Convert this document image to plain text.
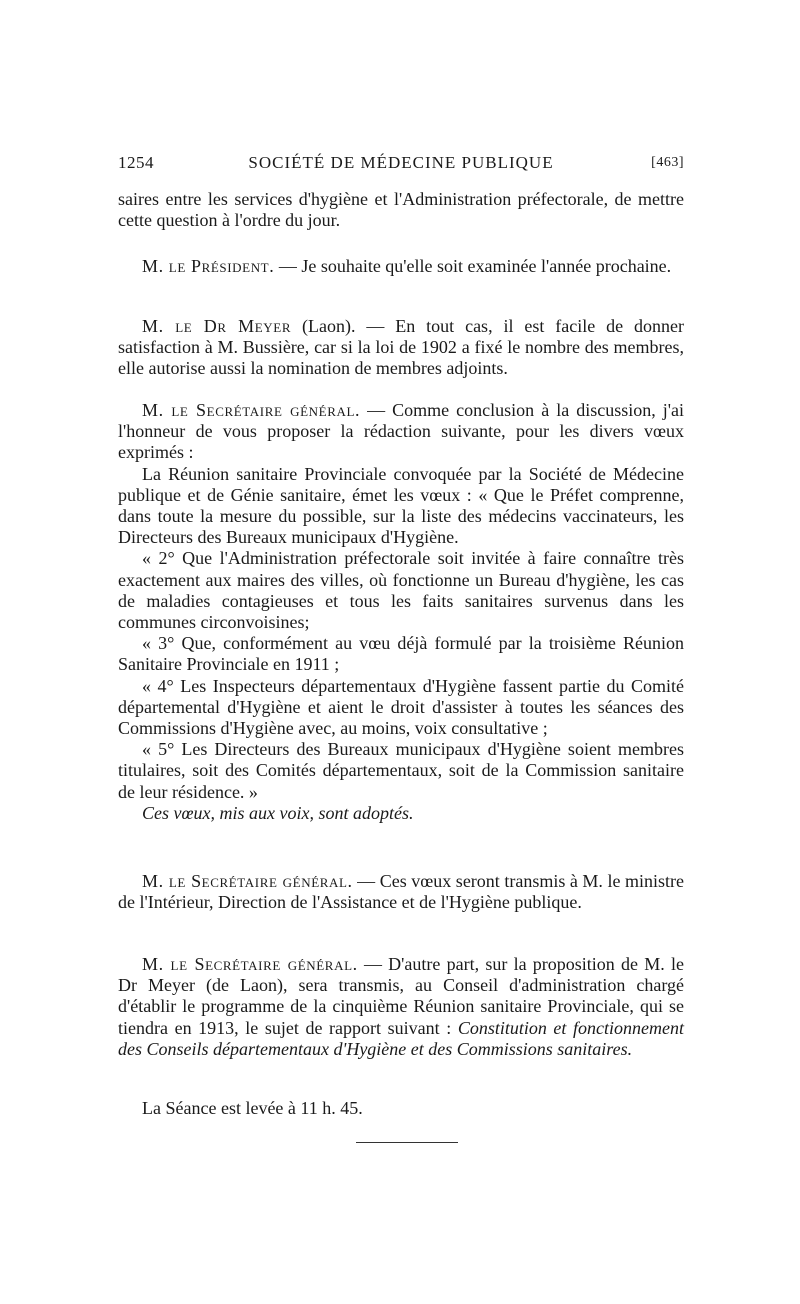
1254	SOCIÉTÉ DE MÉDECINE PUBLIQUE	[463]

saires entre les services d'hygiène et l'Administration préfectorale, de mettre cette question à l'ordre du jour.

M. le Président. — Je souhaite qu'elle soit examinée l'année prochaine.

M. le Dr Meyer (Laon). — En tout cas, il est facile de donner satisfaction à M. Bussière, car si la loi de 1902 a fixé le nombre des membres, elle autorise aussi la nomination de membres adjoints.

M. le Secrétaire général. — Comme conclusion à la discussion, j'ai l'honneur de vous proposer la rédaction suivante, pour les divers vœux exprimés :

La Réunion sanitaire Provinciale convoquée par la Société de Médecine publique et de Génie sanitaire, émet les vœux : « Que le Préfet comprenne, dans toute la mesure du possible, sur la liste des médecins vaccinateurs, les Directeurs des Bureaux municipaux d'Hygiène.

« 2° Que l'Administration préfectorale soit invitée à faire connaître très exactement aux maires des villes, où fonctionne un Bureau d'hygiène, les cas de maladies contagieuses et tous les faits sanitaires survenus dans les communes circonvoisines;

« 3° Que, conformément au vœu déjà formulé par la troisième Réunion Sanitaire Provinciale en 1911 ;

« 4° Les Inspecteurs départementaux d'Hygiène fassent partie du Comité départemental d'Hygiène et aient le droit d'assister à toutes les séances des Commissions d'Hygiène avec, au moins, voix consultative ;

« 5° Les Directeurs des Bureaux municipaux d'Hygiène soient membres titulaires, soit des Comités départementaux, soit de la Commission sanitaire de leur résidence. »

Ces vœux, mis aux voix, sont adoptés.

M. le Secrétaire général. — Ces vœux seront transmis à M. le ministre de l'Intérieur, Direction de l'Assistance et de l'Hygiène publique.

M. le Secrétaire général. — D'autre part, sur la proposition de M. le Dr Meyer (de Laon), sera transmis, au Conseil d'administration chargé d'établir le programme de la cinquième Réunion sanitaire Provinciale, qui se tiendra en 1913, le sujet de rapport suivant : Constitution et fonctionnement des Conseils départementaux d'Hygiène et des Commissions sanitaires.

La Séance est levée à 11 h. 45.
